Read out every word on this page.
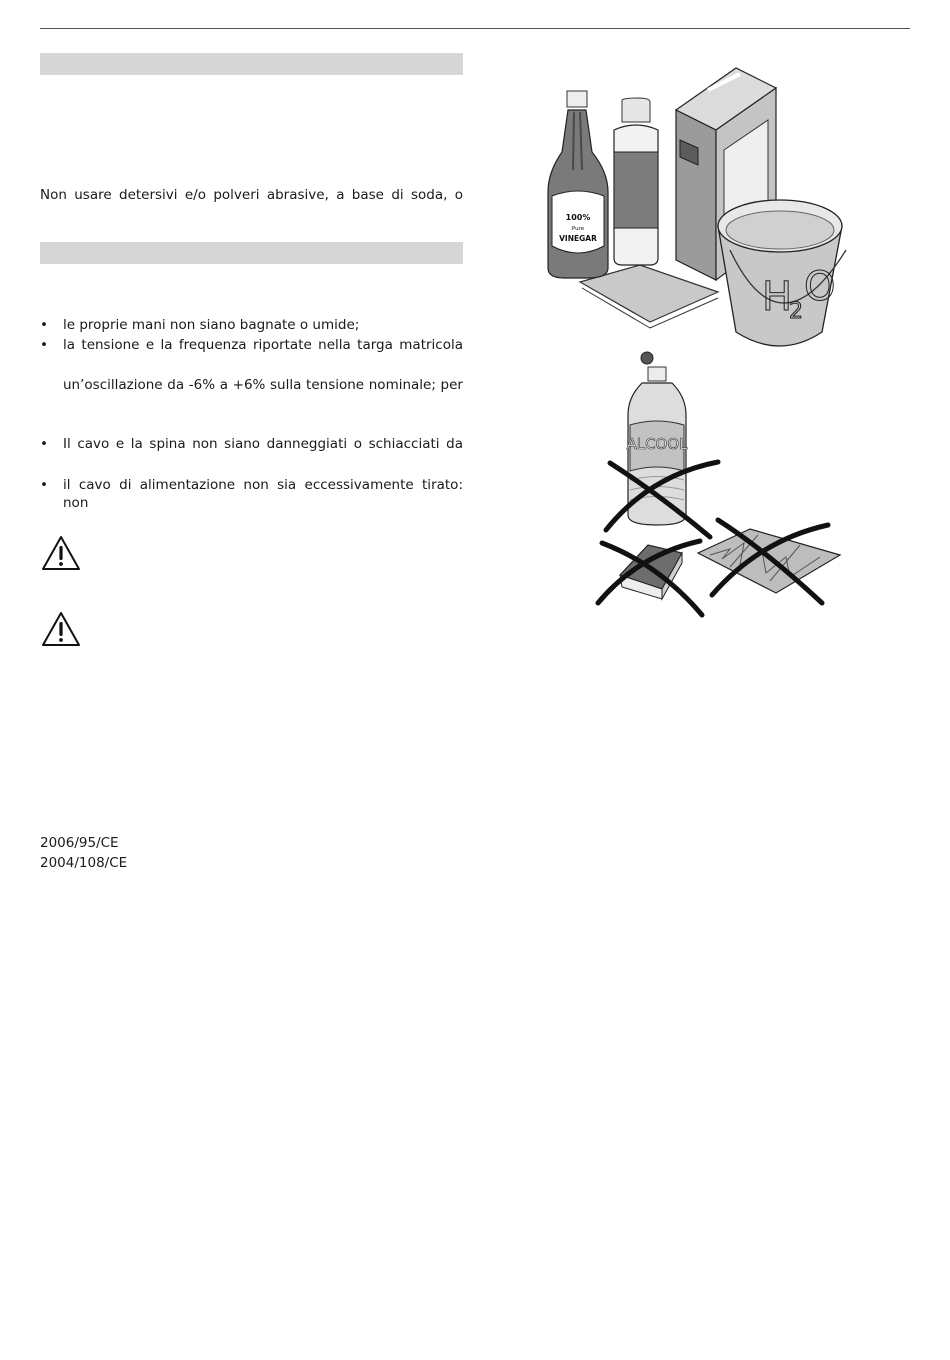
Non usare detersivi e/o polveri abrasive, a base di soda, o
• le proprie mani non siano bagnate o umide;
• la tensione e la frequenza riportate nella targa matricola
un’oscillazione da -6% a +6% sulla tensione nominale; per
• Il cavo e la spina non siano danneggiati o schiacciati da
• il cavo di alimentazione non sia eccessivamente tirato: non
2006/95/CE
2004/108/CE
100%
Pure
VINEGAR
H
2
O
ALCOOL
